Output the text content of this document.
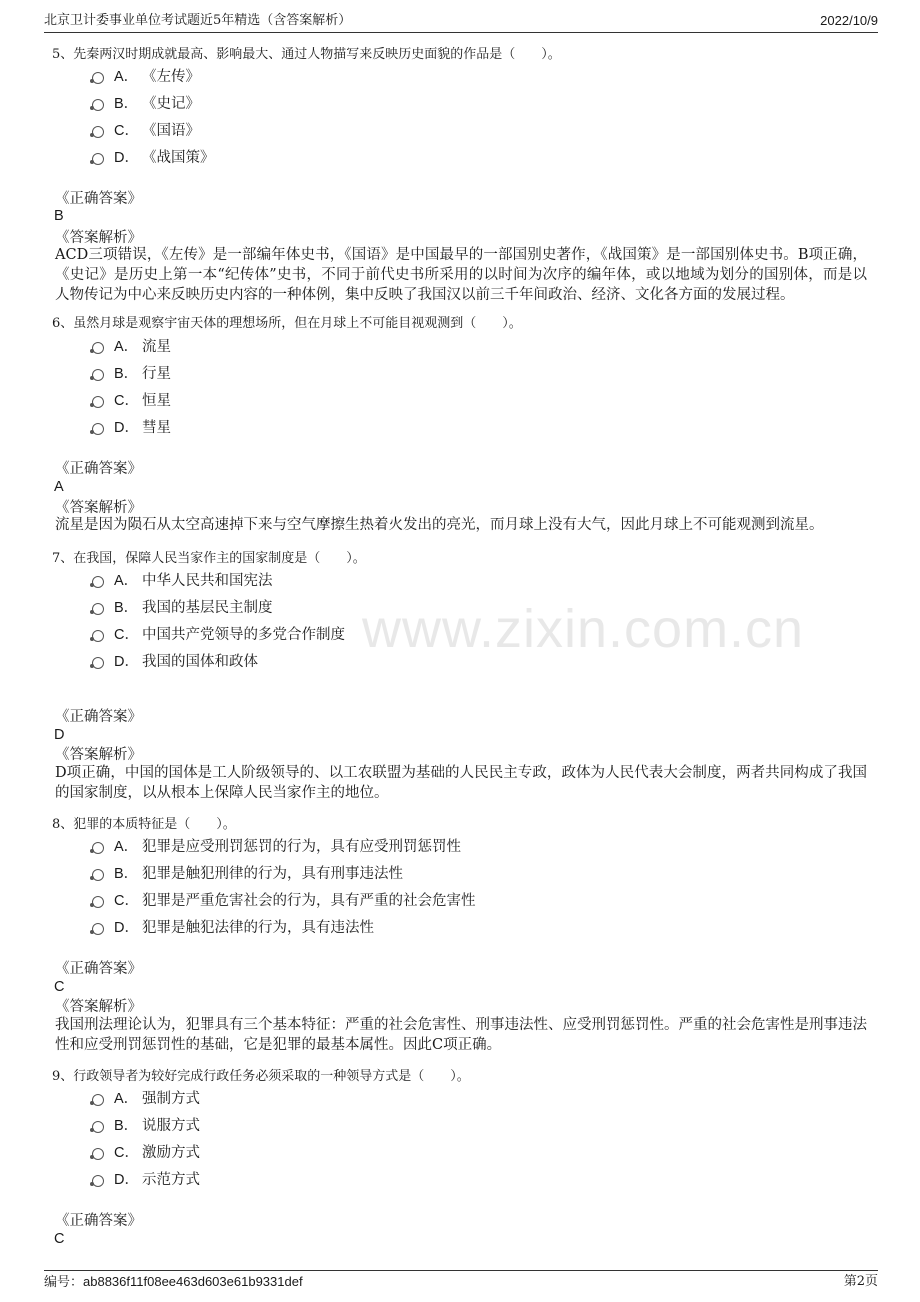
北京卫计委事业单位考试题近5年精选（含答案解析）	2022/10/9
www.zixin.com.cn
5、先秦两汉时期成就最高、影响最大、通过人物描写来反映历史面貌的作品是（　　）。
A． 《左传》
B． 《史记》
C． 《国语》
D． 《战国策》
《正确答案》
B
《答案解析》
ACD三项错误，《左传》是一部编年体史书，《国语》是中国最早的一部国别史著作，《战国策》是一部国别体史书。B项正确，《史记》是历史上第一本“纪传体”史书，不同于前代史书所采用的以时间为次序的编年体，或以地域为划分的国别体，而是以人物传记为中心来反映历史内容的一种体例，集中反映了我国汉以前三千年间政治、经济、文化各方面的发展过程。
6、虽然月球是观察宇宙天体的理想场所，但在月球上不可能目视观测到（　　）。
A． 流星
B． 行星
C． 恒星
D． 彗星
《正确答案》
A
《答案解析》
流星是因为陨石从太空高速掉下来与空气摩擦生热着火发出的亮光，而月球上没有大气，因此月球上不可能观测到流星。
7、在我国，保障人民当家作主的国家制度是（　　）。
A． 中华人民共和国宪法
B． 我国的基层民主制度
C． 中国共产党领导的多党合作制度
D． 我国的国体和政体
《正确答案》
D
《答案解析》
D项正确，中国的国体是工人阶级领导的、以工农联盟为基础的人民民主专政，政体为人民代表大会制度，两者共同构成了我国的国家制度，以从根本上保障人民当家作主的地位。
8、犯罪的本质特征是（　　）。
A． 犯罪是应受刑罚惩罚的行为，具有应受刑罚惩罚性
B． 犯罪是触犯刑律的行为，具有刑事违法性
C． 犯罪是严重危害社会的行为，具有严重的社会危害性
D． 犯罪是触犯法律的行为，具有违法性
《正确答案》
C
《答案解析》
我国刑法理论认为，犯罪具有三个基本特征：严重的社会危害性、刑事违法性、应受刑罚惩罚性。严重的社会危害性是刑事违法性和应受刑罚惩罚性的基础，它是犯罪的最基本属性。因此C项正确。
9、行政领导者为较好完成行政任务必须采取的一种领导方式是（　　）。
A． 强制方式
B． 说服方式
C． 激励方式
D． 示范方式
《正确答案》
C
编号：ab8836f11f08ee463d603e61b9331def	第2页
